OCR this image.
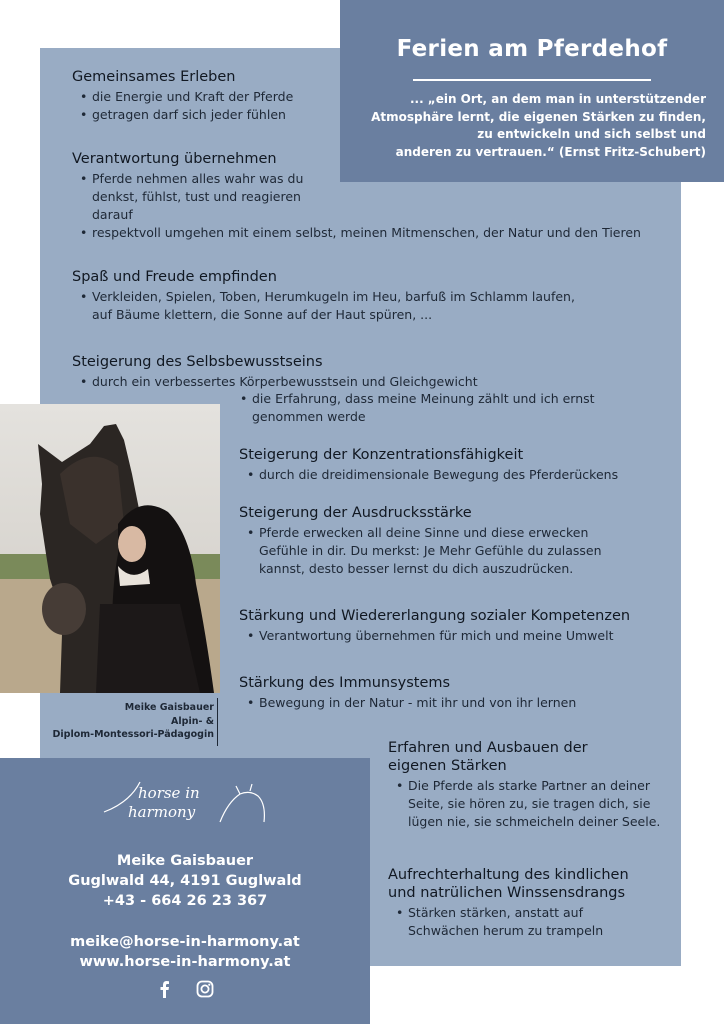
Ferien am Pferdehof
... „ein Ort, an dem man in unterstützender
Atmosphäre lernt, die eigenen Stärken zu finden,
zu entwickeln und sich selbst und
anderen zu vertrauen.“ (Ernst Fritz-Schubert)
Gemeinsames Erleben
• die Energie und Kraft der Pferde
• getragen darf sich jeder fühlen
Verantwortung übernehmen
• Pferde nehmen alles wahr was du
denkst, fühlst, tust und reagieren
darauf
• respektvoll umgehen mit einem selbst, meinen Mitmenschen, der Natur und den Tieren
Spaß und Freude empfinden
• Verkleiden, Spielen, Toben, Herumkugeln im Heu, barfuß im Schlamm laufen,
auf Bäume klettern, die Sonne auf der Haut spüren, ...
Steigerung des Selbsbewusstseins
• durch ein verbessertes Körperbewusstsein und Gleichgewicht
• die Erfahrung, dass meine Meinung zählt und ich ernst
genommen werde
Steigerung der Konzentrationsfähigkeit
• durch die dreidimensionale Bewegung des Pferderückens
Steigerung der Ausdrucksstärke
• Pferde erwecken all deine Sinne und diese erwecken
Gefühle in dir. Du merkst: Je Mehr Gefühle du zulassen
kannst, desto besser lernst du dich auszudrücken.
Stärkung und Wiedererlangung sozialer Kompetenzen
• Verantwortung übernehmen für mich und meine Umwelt
Stärkung des Immunsystems
• Bewegung in der Natur - mit ihr und von ihr lernen
Erfahren und Ausbauen der
eigenen Stärken
• Die Pferde als starke Partner an deiner
Seite, sie hören zu, sie tragen dich, sie
lügen nie, sie schmeicheln deiner Seele.
Aufrechterhaltung des kindlichen
und natrülichen Winssensdrangs
• Stärken stärken, anstatt auf
Schwächen herum zu trampeln
Meike Gaisbauer
Alpin- &
Diplom-Montessori-Pädagogin
horse in
harmony
Meike Gaisbauer
Guglwald 44, 4191 Guglwald
+43 - 664 26 23 367
meike@horse-in-harmony.at
www.horse-in-harmony.at
